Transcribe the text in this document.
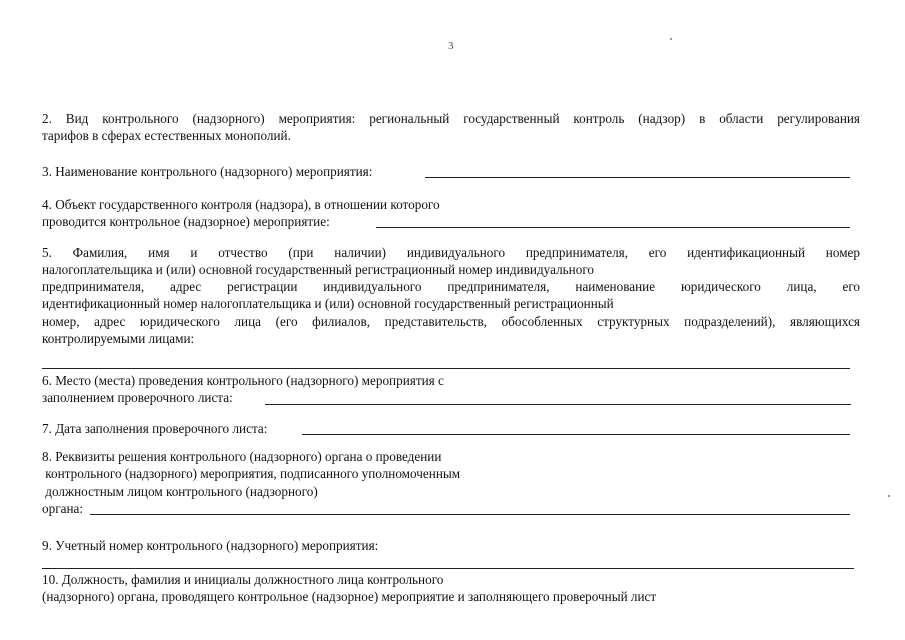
3
2. Вид контрольного (надзорного) мероприятия: региональный государственный контроль (надзор) в области регулирования
тарифов в сферах естественных монополий.
3. Наименование контрольного (надзорного) мероприятия:
4. Объект государственного контроля (надзора), в отношении которого
проводится контрольное (надзорное) мероприятие:
5. Фамилия, имя и отчество (при наличии) индивидуального предпринимателя, его идентификационный номер
налогоплательщика и (или) основной государственный регистрационный номер индивидуального
предпринимателя, адрес регистрации индивидуального предпринимателя, наименование юридического лица, его
идентификационный номер налогоплательщика и (или) основной государственный регистрационный
номер, адрес юридического лица (его филиалов, представительств, обособленных структурных подразделений), являющихся
контролируемыми лицами:
6. Место (места) проведения контрольного (надзорного) мероприятия с
заполнением проверочного листа:
7. Дата заполнения проверочного листа:
8. Реквизиты решения контрольного (надзорного) органа о проведении
контрольного (надзорного) мероприятия, подписанного уполномоченным
должностным лицом контрольного (надзорного)
органа:
9. Учетный номер контрольного (надзорного) мероприятия:
10. Должность, фамилия и инициалы должностного лица контрольного
(надзорного) органа, проводящего контрольное (надзорное) мероприятие и заполняющего проверочный лист
